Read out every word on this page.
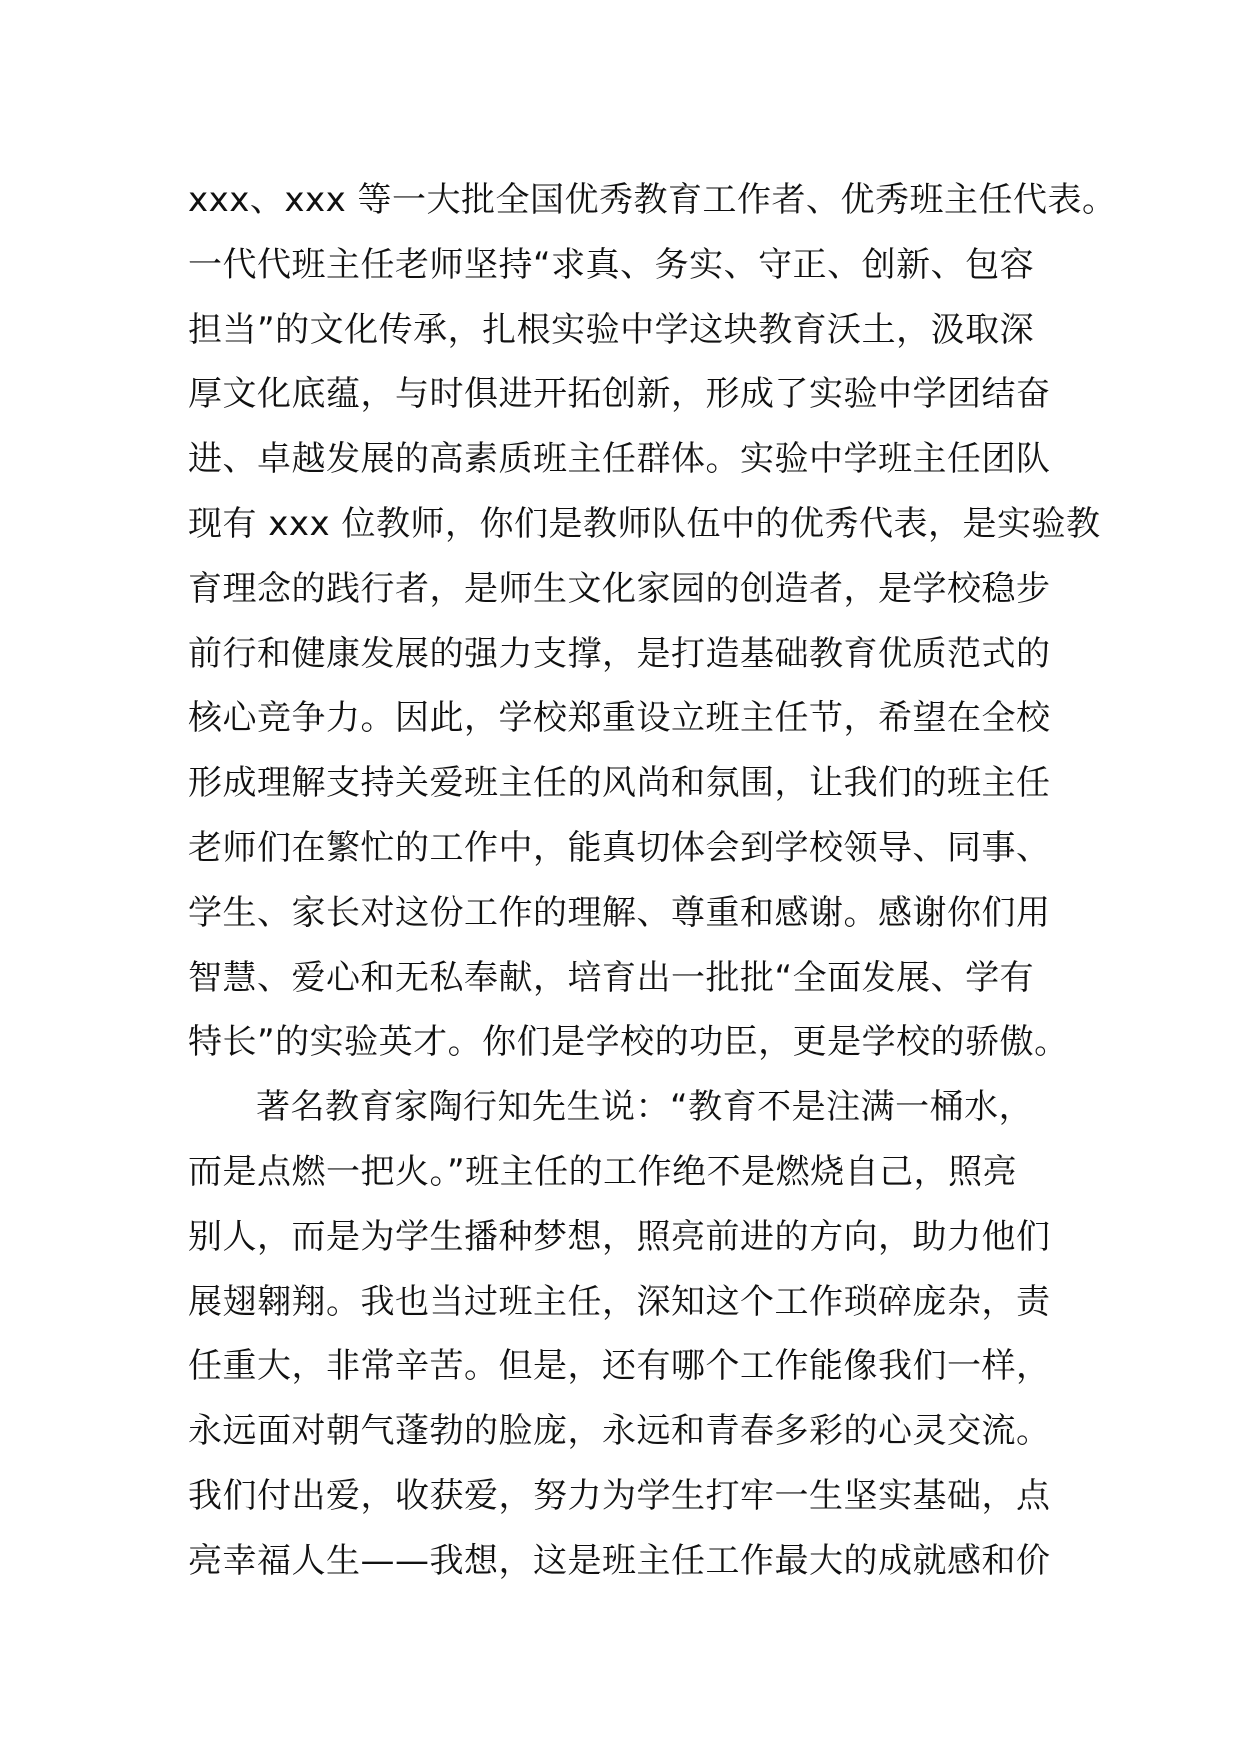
xxx、xxx 等一大批全国优秀教育工作者、优秀班主任代表。
一代代班主任老师坚持“求真、务实、守正、创新、包容
担当”的文化传承，扎根实验中学这块教育沃土，汲取深
厚文化底蕴，与时俱进开拓创新，形成了实验中学团结奋
进、卓越发展的高素质班主任群体。实验中学班主任团队
现有 xxx 位教师，你们是教师队伍中的优秀代表，是实验教
育理念的践行者，是师生文化家园的创造者，是学校稳步
前行和健康发展的强力支撑，是打造基础教育优质范式的
核心竞争力。因此，学校郑重设立班主任节，希望在全校
形成理解支持关爱班主任的风尚和氛围，让我们的班主任
老师们在繁忙的工作中，能真切体会到学校领导、同事、
学生、家长对这份工作的理解、尊重和感谢。感谢你们用
智慧、爱心和无私奉献，培育出一批批“全面发展、学有
特长”的实验英才。你们是学校的功臣，更是学校的骄傲。
著名教育家陶行知先生说：“教育不是注满一桶水，
而是点燃一把火。”班主任的工作绝不是燃烧自己，照亮
别人，而是为学生播种梦想，照亮前进的方向，助力他们
展翅翱翔。我也当过班主任，深知这个工作琐碎庞杂，责
任重大，非常辛苦。但是，还有哪个工作能像我们一样，
永远面对朝气蓬勃的脸庞，永远和青春多彩的心灵交流。
我们付出爱，收获爱，努力为学生打牢一生坚实基础，点
亮幸福人生——我想，这是班主任工作最大的成就感和价
